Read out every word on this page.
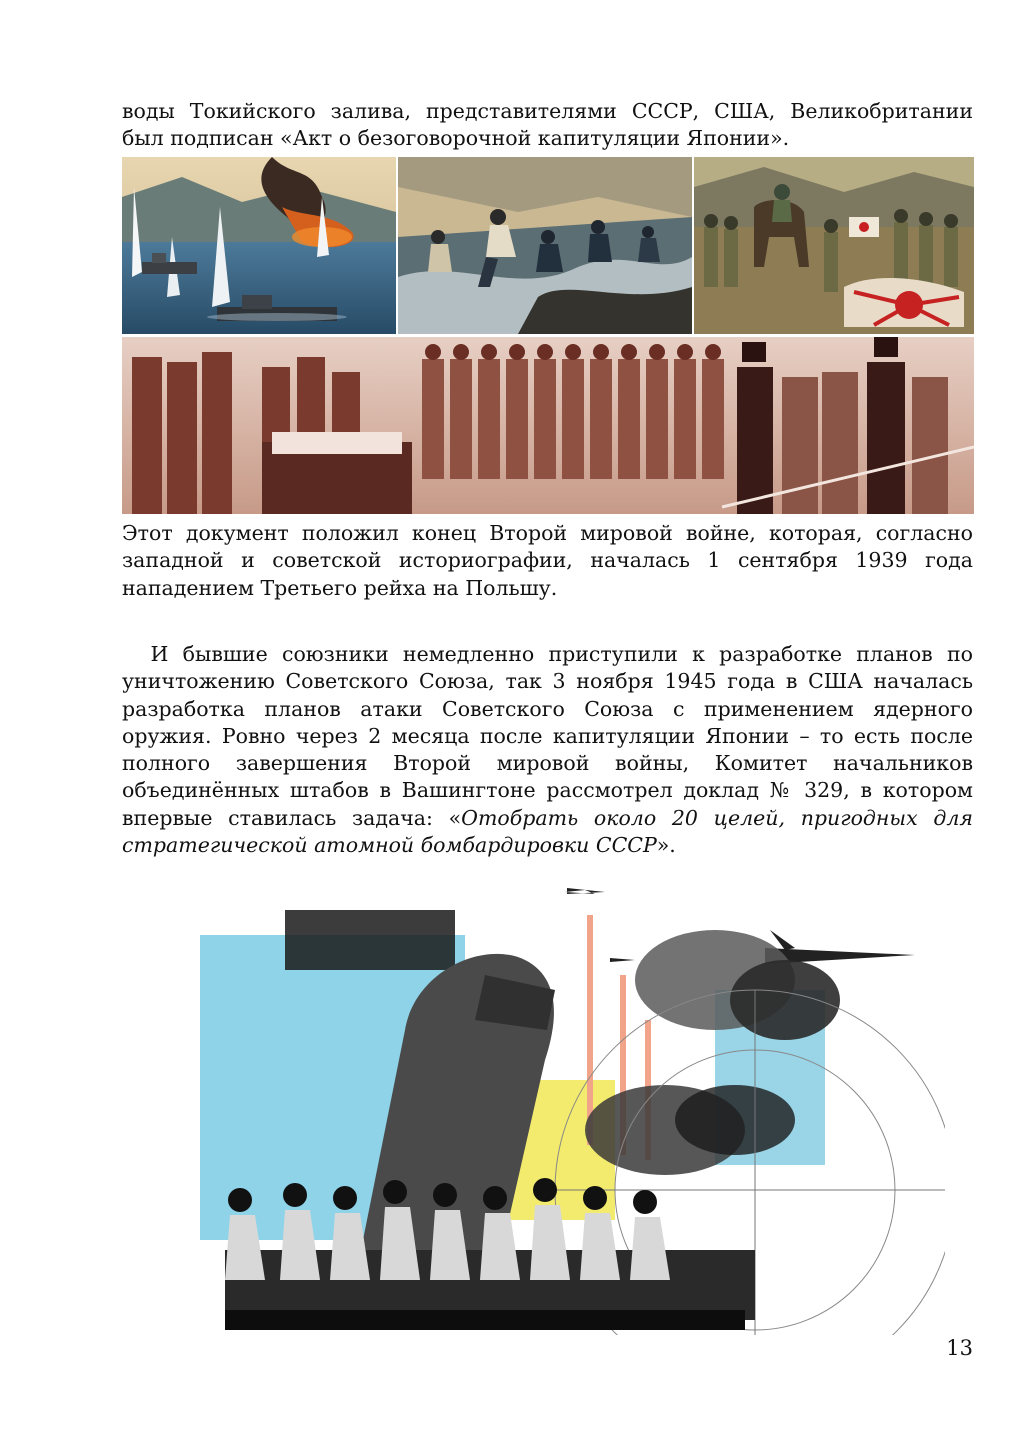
воды Токийского залива, представителями СССР, США, Великобритании
был подписан «Акт о безоговорочной капитуляции Японии».

Этот документ положил конец Второй мировой войне, которая, согласно
западной и советской историографии, началась 1 сентября 1939 года
нападением Третьего рейха на Польшу.

И бывшие союзники немедленно приступили к разработке планов по
уничтожению Советского Союза, так 3 ноября 1945 года в США началась
разработка планов атаки Советского Союза с применением ядерного
оружия. Ровно через 2 месяца после капитуляции Японии – то есть после
полного завершения Второй мировой войны, Комитет начальников
объединённых штабов в Вашингтоне рассмотрел доклад № 329, в котором
впервые ставилась задача: «Отобрать около 20 целей, пригодных для
стратегической атомной бомбардировки СССР».

13
